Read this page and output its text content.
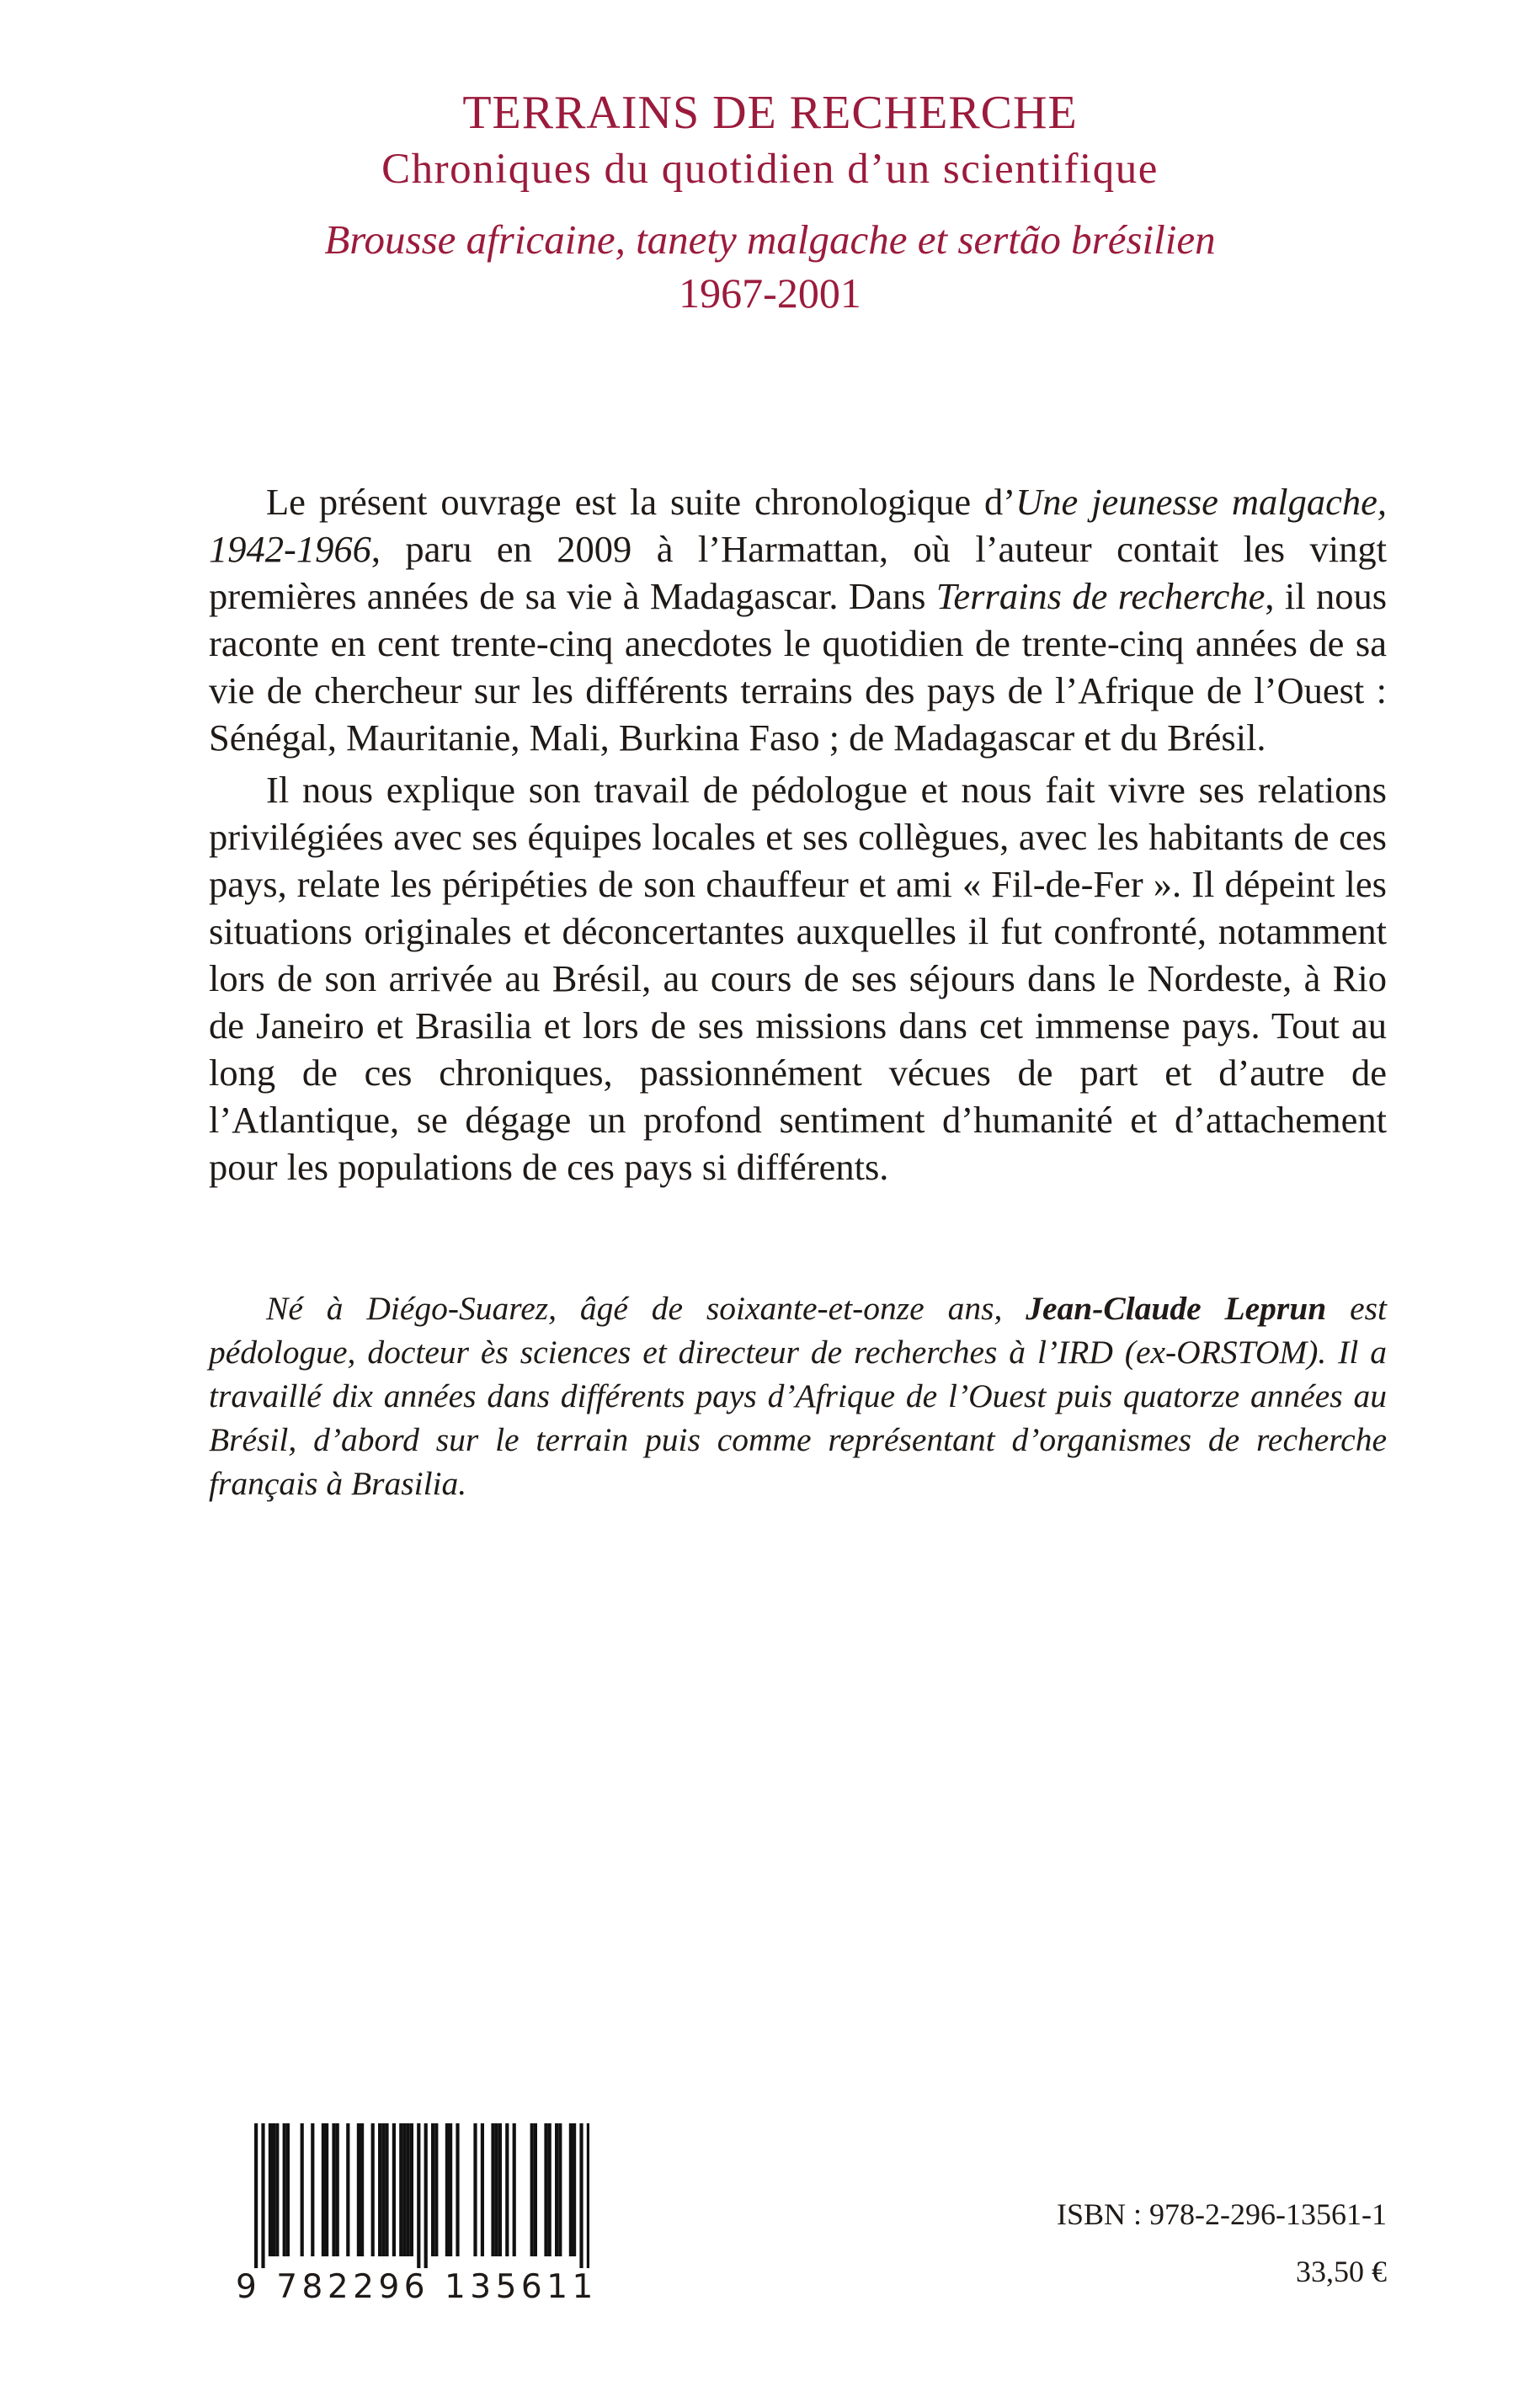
TERRAINS DE RECHERCHE
Chroniques du quotidien d’un scientifique
Brousse africaine, tanety malgache et sertão brésilien
1967-2001

Le présent ouvrage est la suite chronologique d’Une jeunesse malgache, 1942-1966, paru en 2009 à l’Harmattan, où l’auteur contait les vingt premières années de sa vie à Madagascar. Dans Terrains de recherche, il nous raconte en cent trente-cinq anecdotes le quotidien de trente-cinq années de sa vie de chercheur sur les différents terrains des pays de l’Afrique de l’Ouest : Sénégal, Mauritanie, Mali, Burkina Faso ; de Madagascar et du Brésil.

Il nous explique son travail de pédologue et nous fait vivre ses relations privilégiées avec ses équipes locales et ses collègues, avec les habitants de ces pays, relate les péripéties de son chauffeur et ami « Fil-de-Fer ». Il dépeint les situations originales et déconcertantes auxquelles il fut confronté, notamment lors de son arrivée au Brésil, au cours de ses séjours dans le Nordeste, à Rio de Janeiro et Brasilia et lors de ses missions dans cet immense pays. Tout au long de ces chroniques, passionnément vécues de part et d’autre de l’Atlantique, se dégage un profond sentiment d’humanité et d’attachement pour les populations de ces pays si différents.

Né à Diégo-Suarez, âgé de soixante-et-onze ans, Jean-Claude Leprun est pédologue, docteur ès sciences et directeur de recherches à l’IRD (ex-ORSTOM). Il a travaillé dix années dans différents pays d’Afrique de l’Ouest puis quatorze années au Brésil, d’abord sur le terrain puis comme représentant d’organismes de recherche français à Brasilia.

9 782296 135611
ISBN : 978-2-296-13561-1
33,50 €
